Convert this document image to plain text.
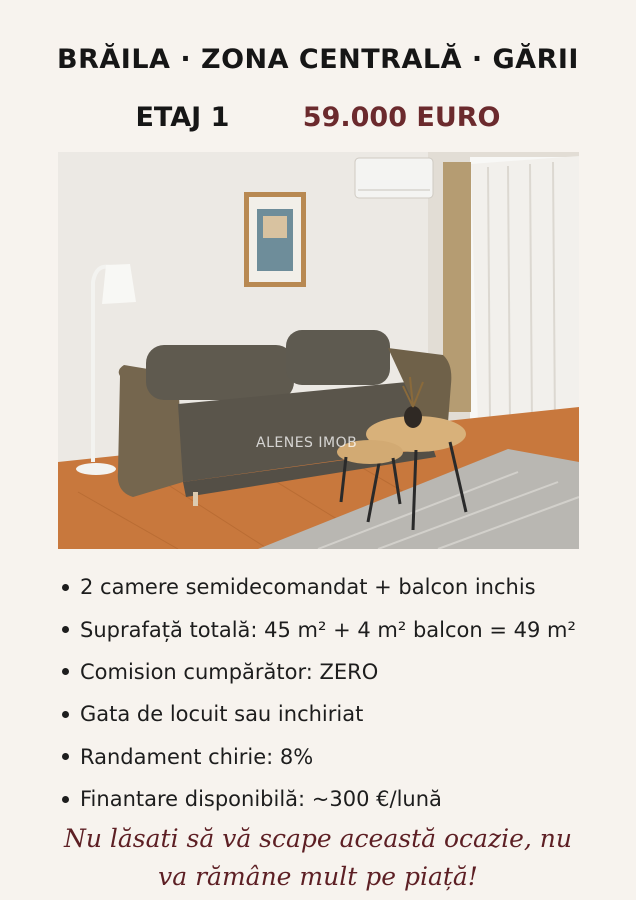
BRĂILA · ZONA CENTRALĂ · GĂRII
ETAJ 1	59.000 EURO
ALENES IMOB
2 camere semidecomandat + balcon inchis
Suprafață totală: 45 m² + 4 m² balcon = 49 m²
Comision cumpărător: ZERO
Gata de locuit sau inchiriat
Randament chirie: 8%
Finantare disponibilă: ~300 €/lună
Nu lăsati să vă scape această ocazie, nu
va rămâne mult pe piață!
